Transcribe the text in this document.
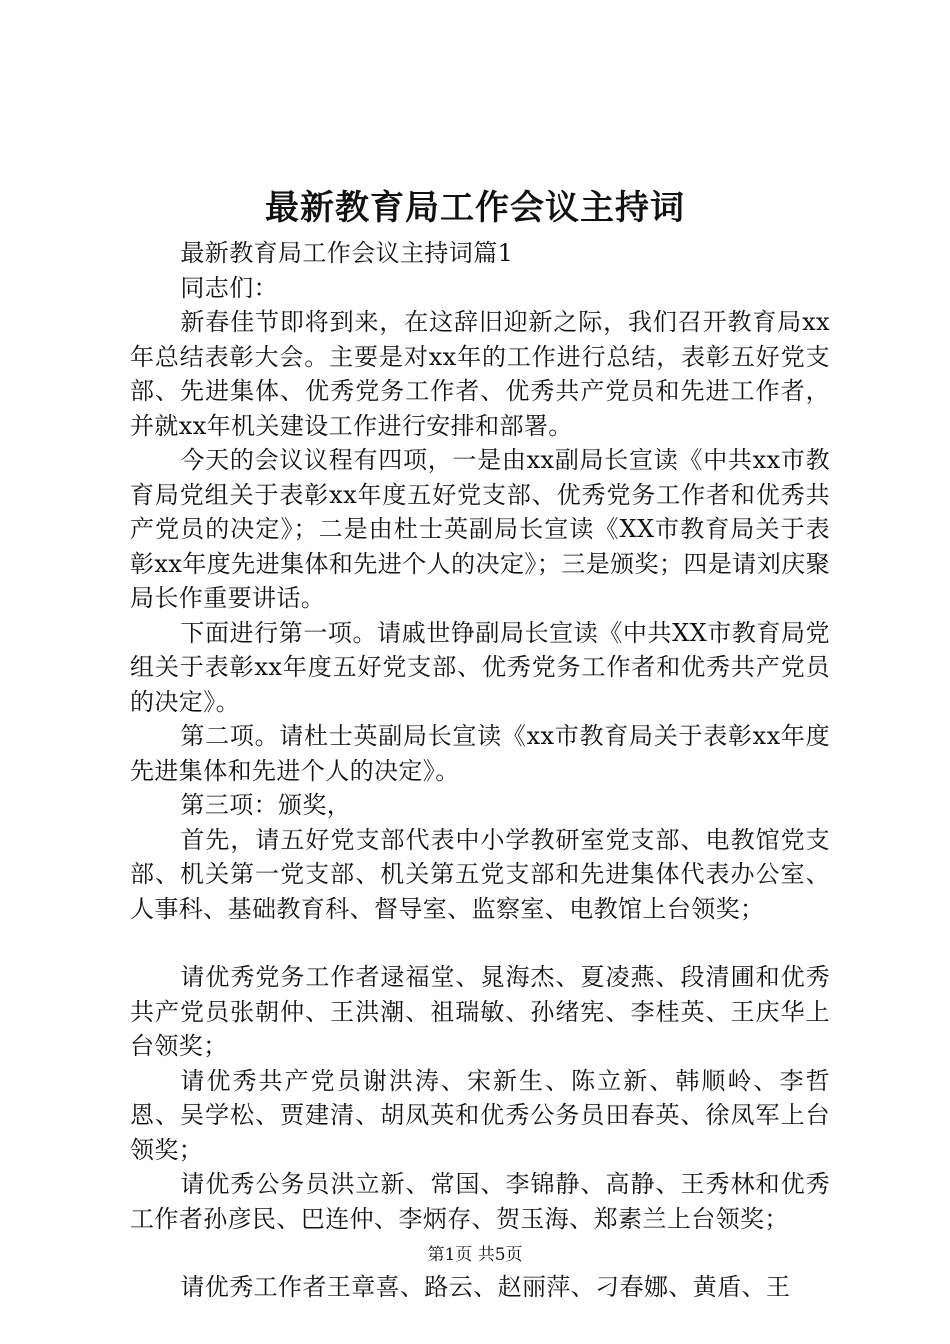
最新教育局工作会议主持词

最新教育局工作会议主持词篇1

同志们：

新春佳节即将到来，在这辞旧迎新之际，我们召开教育局xx年总结表彰大会。主要是对xx年的工作进行总结，表彰五好党支部、先进集体、优秀党务工作者、优秀共产党员和先进工作者，并就xx年机关建设工作进行安排和部署。

今天的会议议程有四项，一是由xx副局长宣读《中共xx市教育局党组关于表彰xx年度五好党支部、优秀党务工作者和优秀共产党员的决定》；二是由杜士英副局长宣读《XX市教育局关于表彰xx年度先进集体和先进个人的决定》；三是颁奖；四是请刘庆聚局长作重要讲话。

下面进行第一项。请戚世铮副局长宣读《中共XX市教育局党组关于表彰xx年度五好党支部、优秀党务工作者和优秀共产党员的决定》。

第二项。请杜士英副局长宣读《xx市教育局关于表彰xx年度先进集体和先进个人的决定》。

第三项：颁奖，

首先，请五好党支部代表中小学教研室党支部、电教馆党支部、机关第一党支部、机关第五党支部和先进集体代表办公室、人事科、基础教育科、督导室、监察室、电教馆上台领奖；

请优秀党务工作者逯福堂、晁海杰、夏凌燕、段清圃和优秀共产党员张朝仲、王洪潮、祖瑞敏、孙绪宪、李桂英、王庆华上台领奖；

请优秀共产党员谢洪涛、宋新生、陈立新、韩顺岭、李哲恩、吴学松、贾建清、胡凤英和优秀公务员田春英、徐凤军上台领奖；

请优秀公务员洪立新、常国、李锦静、高静、王秀林和优秀工作者孙彦民、巴连仲、李炳存、贺玉海、郑素兰上台领奖；

请优秀工作者王章喜、路云、赵丽萍、刁春娜、黄盾、王

第1页 共5页
